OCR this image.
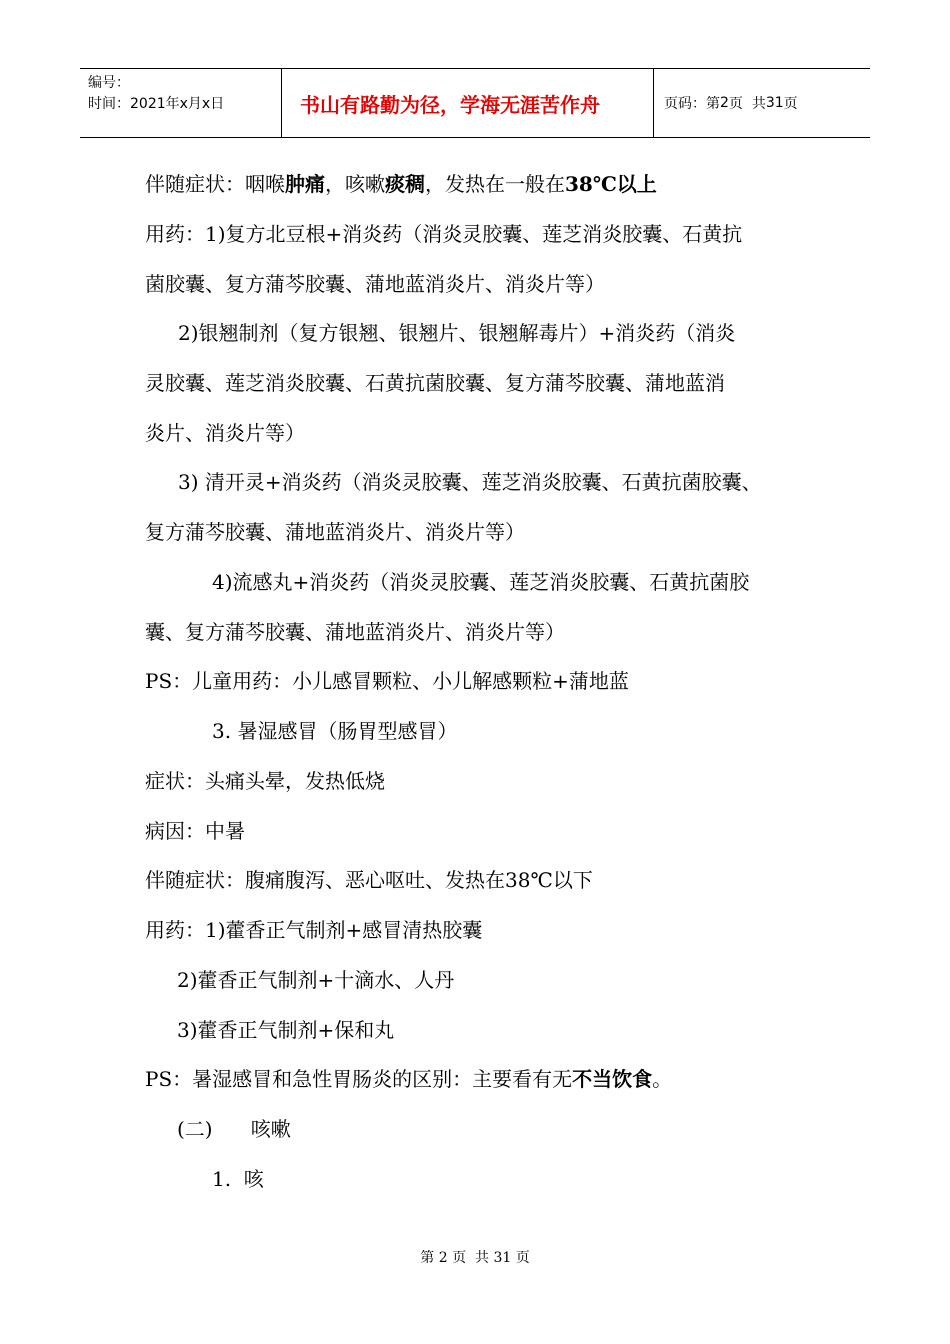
编号：
时间：2021年x月x日	书山有路勤为径，学海无涯苦作舟	页码：第 2 页  共 31 页
伴随症状：咽喉肿痛，咳嗽痰稠，发热在一般在38℃以上
用药：1)复方北豆根+消炎药（消炎灵胶囊、莲芝消炎胶囊、石黄抗
菌胶囊、复方蒲芩胶囊、蒲地蓝消炎片、消炎片等）
2)银翘制剂（复方银翘、银翘片、银翘解毒片）+消炎药（消炎
灵胶囊、莲芝消炎胶囊、石黄抗菌胶囊、复方蒲芩胶囊、蒲地蓝消
炎片、消炎片等）
3) 清开灵+消炎药（消炎灵胶囊、莲芝消炎胶囊、石黄抗菌胶囊、
复方蒲芩胶囊、蒲地蓝消炎片、消炎片等）
4)流感丸+消炎药（消炎灵胶囊、莲芝消炎胶囊、石黄抗菌胶
囊、复方蒲芩胶囊、蒲地蓝消炎片、消炎片等）
PS：儿童用药：小儿感冒颗粒、小儿解感颗粒+蒲地蓝
3. 暑湿感冒（肠胃型感冒）
症状：头痛头晕，发热低烧
病因：中暑
伴随症状：腹痛腹泻、恶心呕吐、发热在38℃以下
用药：1)藿香正气制剂+感冒清热胶囊
2)藿香正气制剂+十滴水、人丹
3)藿香正气制剂+保和丸
PS：暑湿感冒和急性胃肠炎的区别：主要看有无不当饮食。
(二)      咳嗽
1.  咳
第 2 页  共 31 页
